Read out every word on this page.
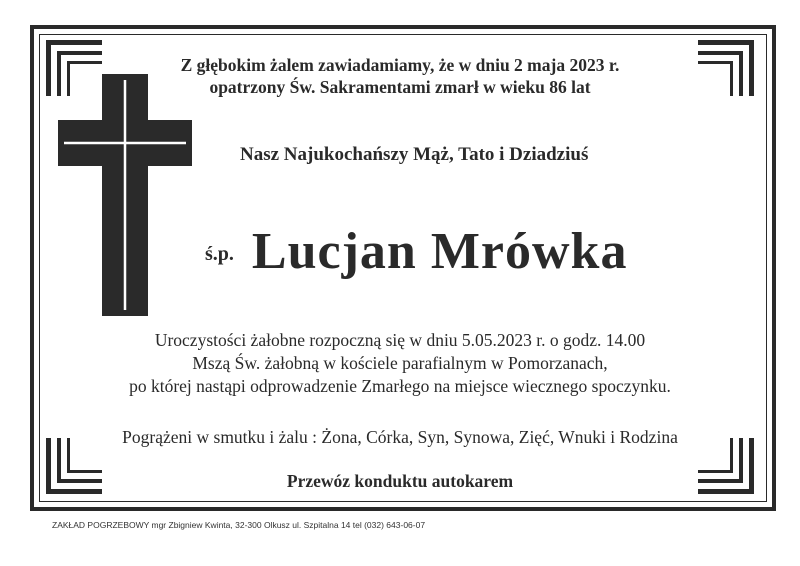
Z głębokim żalem zawiadamiamy, że w dniu 2 maja 2023 r.
opatrzony Św. Sakramentami zmarł w wieku 86 lat
Nasz Najukochańszy Mąż, Tato i Dziadziuś
ś.p. Lucjan Mrówka
Uroczystości żałobne rozpoczną się w dniu 5.05.2023 r. o godz. 14.00
Mszą Św. żałobną w kościele parafialnym w Pomorzanach,
po której nastąpi odprowadzenie Zmarłego na miejsce wiecznego spoczynku.
Pogrążeni w smutku i żalu : Żona, Córka, Syn, Synowa, Zięć, Wnuki i Rodzina
Przewóz konduktu autokarem
ZAKŁAD POGRZEBOWY mgr Zbigniew Kwinta, 32-300 Olkusz ul. Szpitalna 14 tel (032) 643-06-07
